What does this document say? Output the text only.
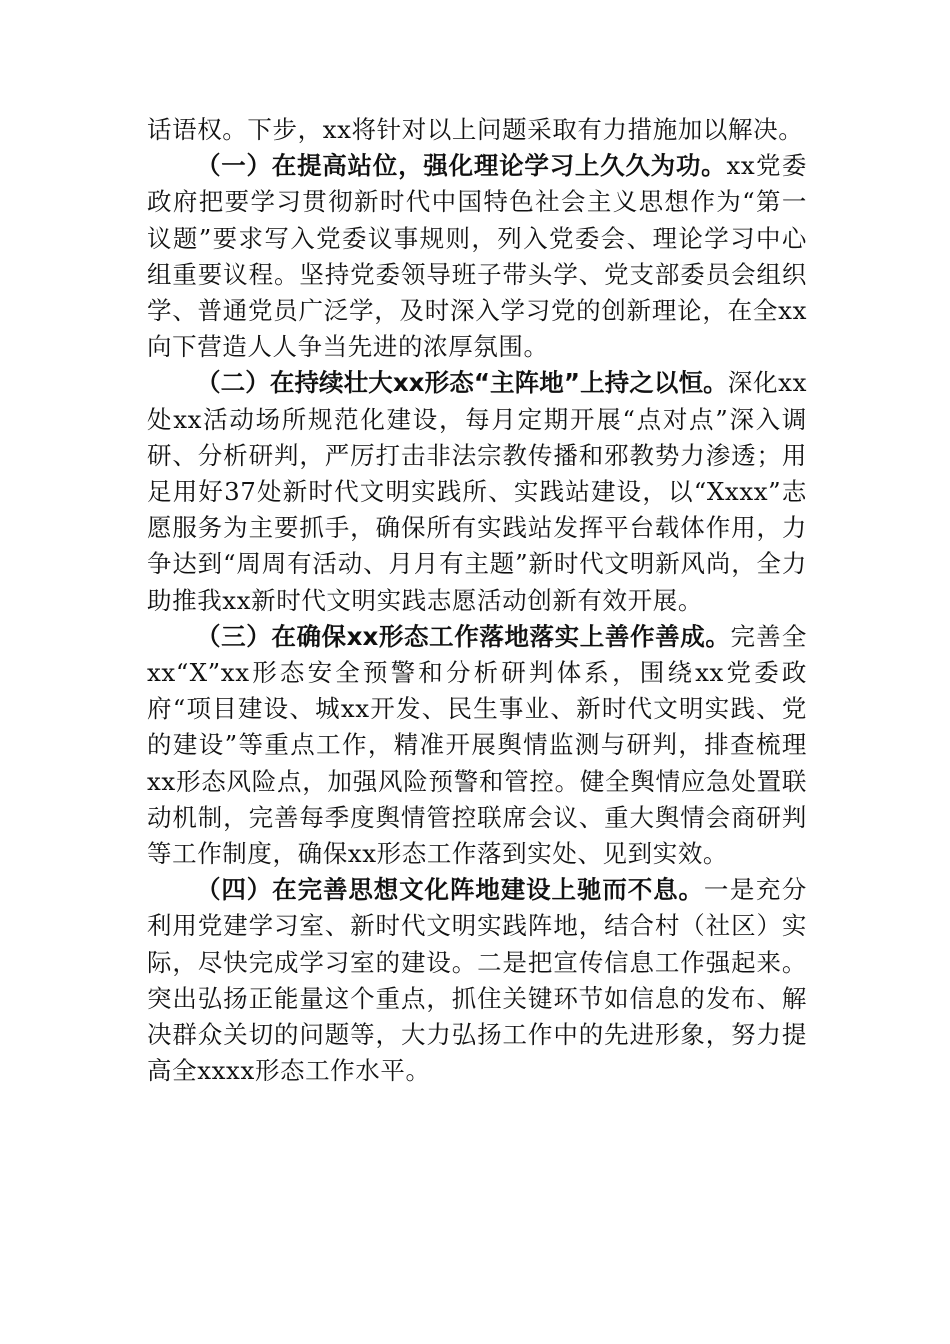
话语权。下步，xx将针对以上问题采取有力措施加以解决。

（一）在提高站位，强化理论学习上久久为功。xx党委政府把要学习贯彻新时代中国特色社会主义思想作为“第一议题”要求写入党委议事规则，列入党委会、理论学习中心组重要议程。坚持党委领导班子带头学、党支部委员会组织学、普通党员广泛学，及时深入学习党的创新理论，在全xx向下营造人人争当先进的浓厚氛围。

（二）在持续壮大xx形态“主阵地”上持之以恒。深化xx处xx活动场所规范化建设，每月定期开展“点对点”深入调研、分析研判，严厉打击非法宗教传播和邪教势力渗透；用足用好37处新时代文明实践所、实践站建设，以“Xxxx”志愿服务为主要抓手，确保所有实践站发挥平台载体作用，力争达到“周周有活动、月月有主题”新时代文明新风尚，全力助推我xx新时代文明实践志愿活动创新有效开展。

（三）在确保xx形态工作落地落实上善作善成。完善全xx“X”xx形态安全预警和分析研判体系，围绕xx党委政府“项目建设、城xx开发、民生事业、新时代文明实践、党的建设”等重点工作，精准开展舆情监测与研判，排查梳理xx形态风险点，加强风险预警和管控。健全舆情应急处置联动机制，完善每季度舆情管控联席会议、重大舆情会商研判等工作制度，确保xx形态工作落到实处、见到实效。

（四）在完善思想文化阵地建设上驰而不息。一是充分利用党建学习室、新时代文明实践阵地，结合村（社区）实际，尽快完成学习室的建设。二是把宣传信息工作强起来。突出弘扬正能量这个重点，抓住关键环节如信息的发布、解决群众关切的问题等，大力弘扬工作中的先进形象，努力提高全xxxx形态工作水平。
